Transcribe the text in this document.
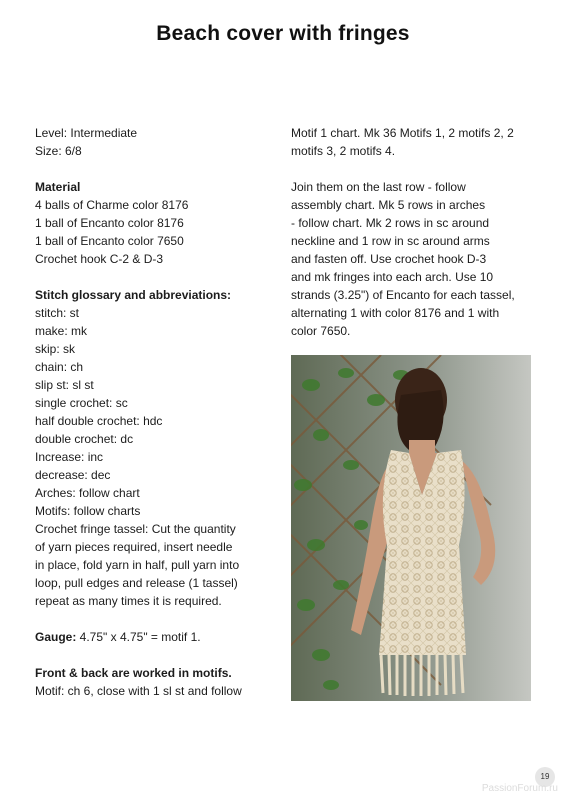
Beach cover with fringes

Level: Intermediate

Size: 6/8

Material

4 balls of Charme color 8176

1 ball of Encanto color 8176

1 ball of Encanto color 7650

Crochet hook C-2 & D-3

Stitch glossary and abbreviations:

stitch: st

make: mk

skip: sk

chain: ch

slip st: sl st

single crochet: sc

half double crochet: hdc

double crochet: dc

Increase: inc

decrease: dec

Arches: follow chart

Motifs: follow charts

Crochet fringe tassel: Cut the quantity

of yarn pieces required, insert needle

in place, fold yarn in half, pull yarn into

loop, pull edges and release (1 tassel)

repeat as many times it is required.

Gauge: 4.75" x 4.75" = motif 1.

Front & back are worked in motifs.

Motif: ch 6, close with 1 sl st and follow

Motif 1 chart. Mk 36 Motifs 1, 2 motifs 2, 2

motifs 3, 2 motifs 4.

Join them on the last row - follow

assembly chart. Mk 5 rows in arches

- follow chart. Mk 2 rows in sc around

neckline and 1 row in sc around arms

and fasten off. Use crochet hook D-3

and mk fringes into each arch. Use 10

strands (3.25") of Encanto for each tassel,

alternating 1 with color 8176 and 1 with

color 7650.

19
PassionForum.ru
